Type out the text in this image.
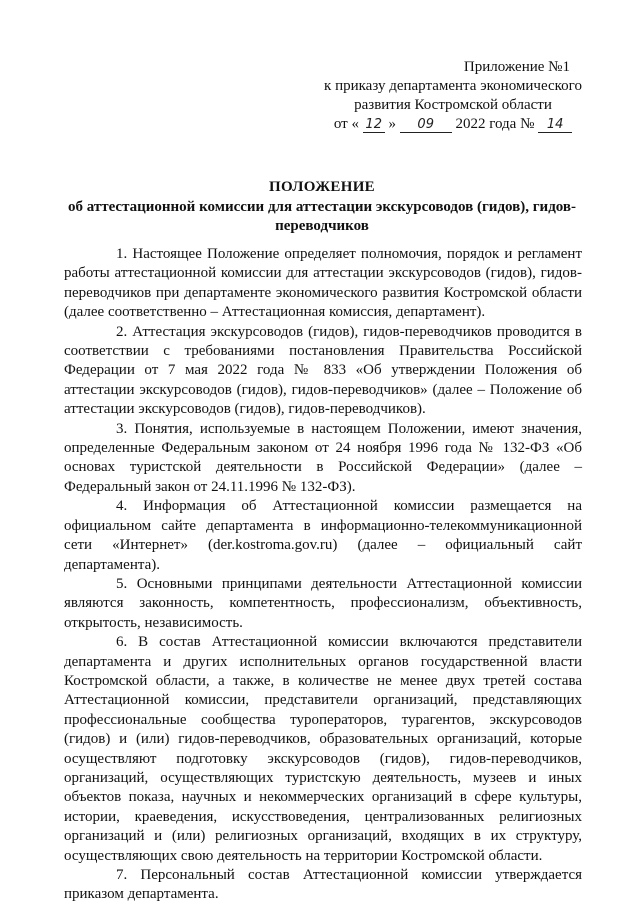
Приложение №1
к приказу департамента экономического
развития Костромской области
от « 12 » 09 2022 года № 14
ПОЛОЖЕНИЕ
об аттестационной комиссии для аттестации экскурсоводов (гидов), гидов-переводчиков

1. Настоящее Положение определяет полномочия, порядок и регламент работы аттестационной комиссии для аттестации экскурсоводов (гидов), гидов-переводчиков при департаменте экономического развития Костромской области (далее соответственно – Аттестационная комиссия, департамент).

2. Аттестация экскурсоводов (гидов), гидов-переводчиков проводится в соответствии с требованиями постановления Правительства Российской Федерации от 7 мая 2022 года № 833 «Об утверждении Положения об аттестации экскурсоводов (гидов), гидов-переводчиков» (далее – Положение об аттестации экскурсоводов (гидов), гидов-переводчиков).

3. Понятия, используемые в настоящем Положении, имеют значения, определенные Федеральным законом от 24 ноября 1996 года № 132-ФЗ «Об основах туристской деятельности в Российской Федерации» (далее – Федеральный закон от 24.11.1996 № 132-ФЗ).

4. Информация об Аттестационной комиссии размещается на официальном сайте департамента в информационно-телекоммуникационной сети «Интернет» (der.kostroma.gov.ru) (далее – официальный сайт департамента).

5. Основными принципами деятельности Аттестационной комиссии являются законность, компетентность, профессионализм, объективность, открытость, независимость.

6. В состав Аттестационной комиссии включаются представители департамента и других исполнительных органов государственной власти Костромской области, а также, в количестве не менее двух третей состава Аттестационной комиссии, представители организаций, представляющих профессиональные сообщества туроператоров, турагентов, экскурсоводов (гидов) и (или) гидов-переводчиков, образовательных организаций, которые осуществляют подготовку экскурсоводов (гидов), гидов-переводчиков, организаций, осуществляющих туристскую деятельность, музеев и иных объектов показа, научных и некоммерческих организаций в сфере культуры, истории, краеведения, искусствоведения, централизованных религиозных организаций и (или) религиозных организаций, входящих в их структуру, осуществляющих свою деятельность на территории Костромской области.

7. Персональный состав Аттестационной комиссии утверждается приказом департамента.
